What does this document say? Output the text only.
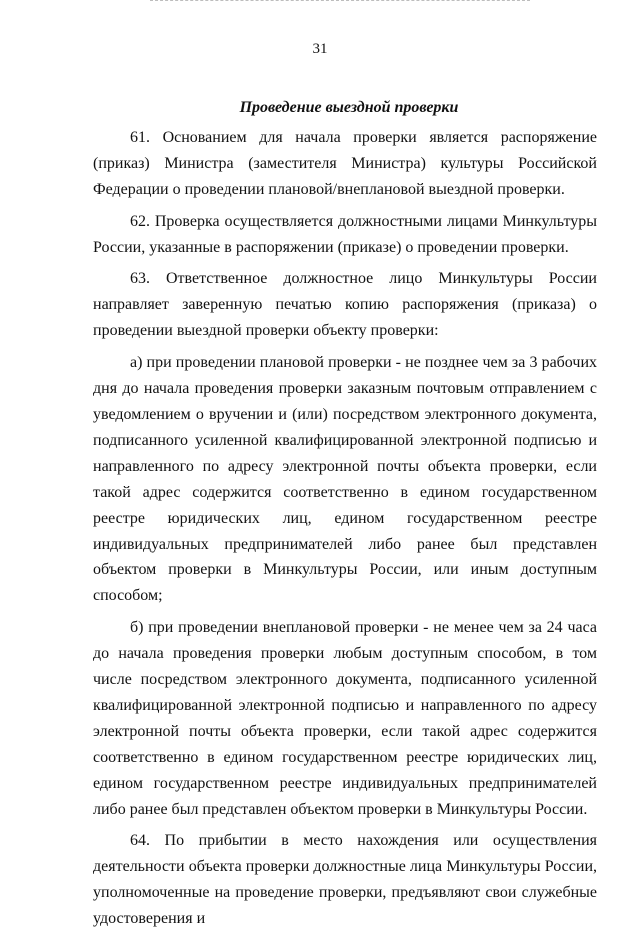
31

Проведение выездной проверки

61. Основанием для начала проверки является распоряжение (приказ) Министра (заместителя Министра) культуры Российской Федерации о проведении плановой/внеплановой выездной проверки.

62. Проверка осуществляется должностными лицами Минкультуры России, указанные в распоряжении (приказе) о проведении проверки.

63. Ответственное должностное лицо Минкультуры России направляет заверенную печатью копию распоряжения (приказа) о проведении выездной проверки объекту проверки:

а) при проведении плановой проверки - не позднее чем за 3 рабочих дня до начала проведения проверки заказным почтовым отправлением с уведомлением о вручении и (или) посредством электронного документа, подписанного усиленной квалифицированной электронной подписью и направленного по адресу электронной почты объекта проверки, если такой адрес содержится соответственно в едином государственном реестре юридических лиц, едином государственном реестре индивидуальных предпринимателей либо ранее был представлен объектом проверки в Минкультуры России, или иным доступным способом;

б) при проведении внеплановой проверки - не менее чем за 24 часа до начала проведения проверки любым доступным способом, в том числе посредством электронного документа, подписанного усиленной квалифицированной электронной подписью и направленного по адресу электронной почты объекта проверки, если такой адрес содержится соответственно в едином государственном реестре юридических лиц, едином государственном реестре индивидуальных предпринимателей либо ранее был представлен объектом проверки в Минкультуры России.

64. По прибытии в место нахождения или осуществления деятельности объекта проверки должностные лица Минкультуры России, уполномоченные на проведение проверки, предъявляют свои служебные удостоверения и
